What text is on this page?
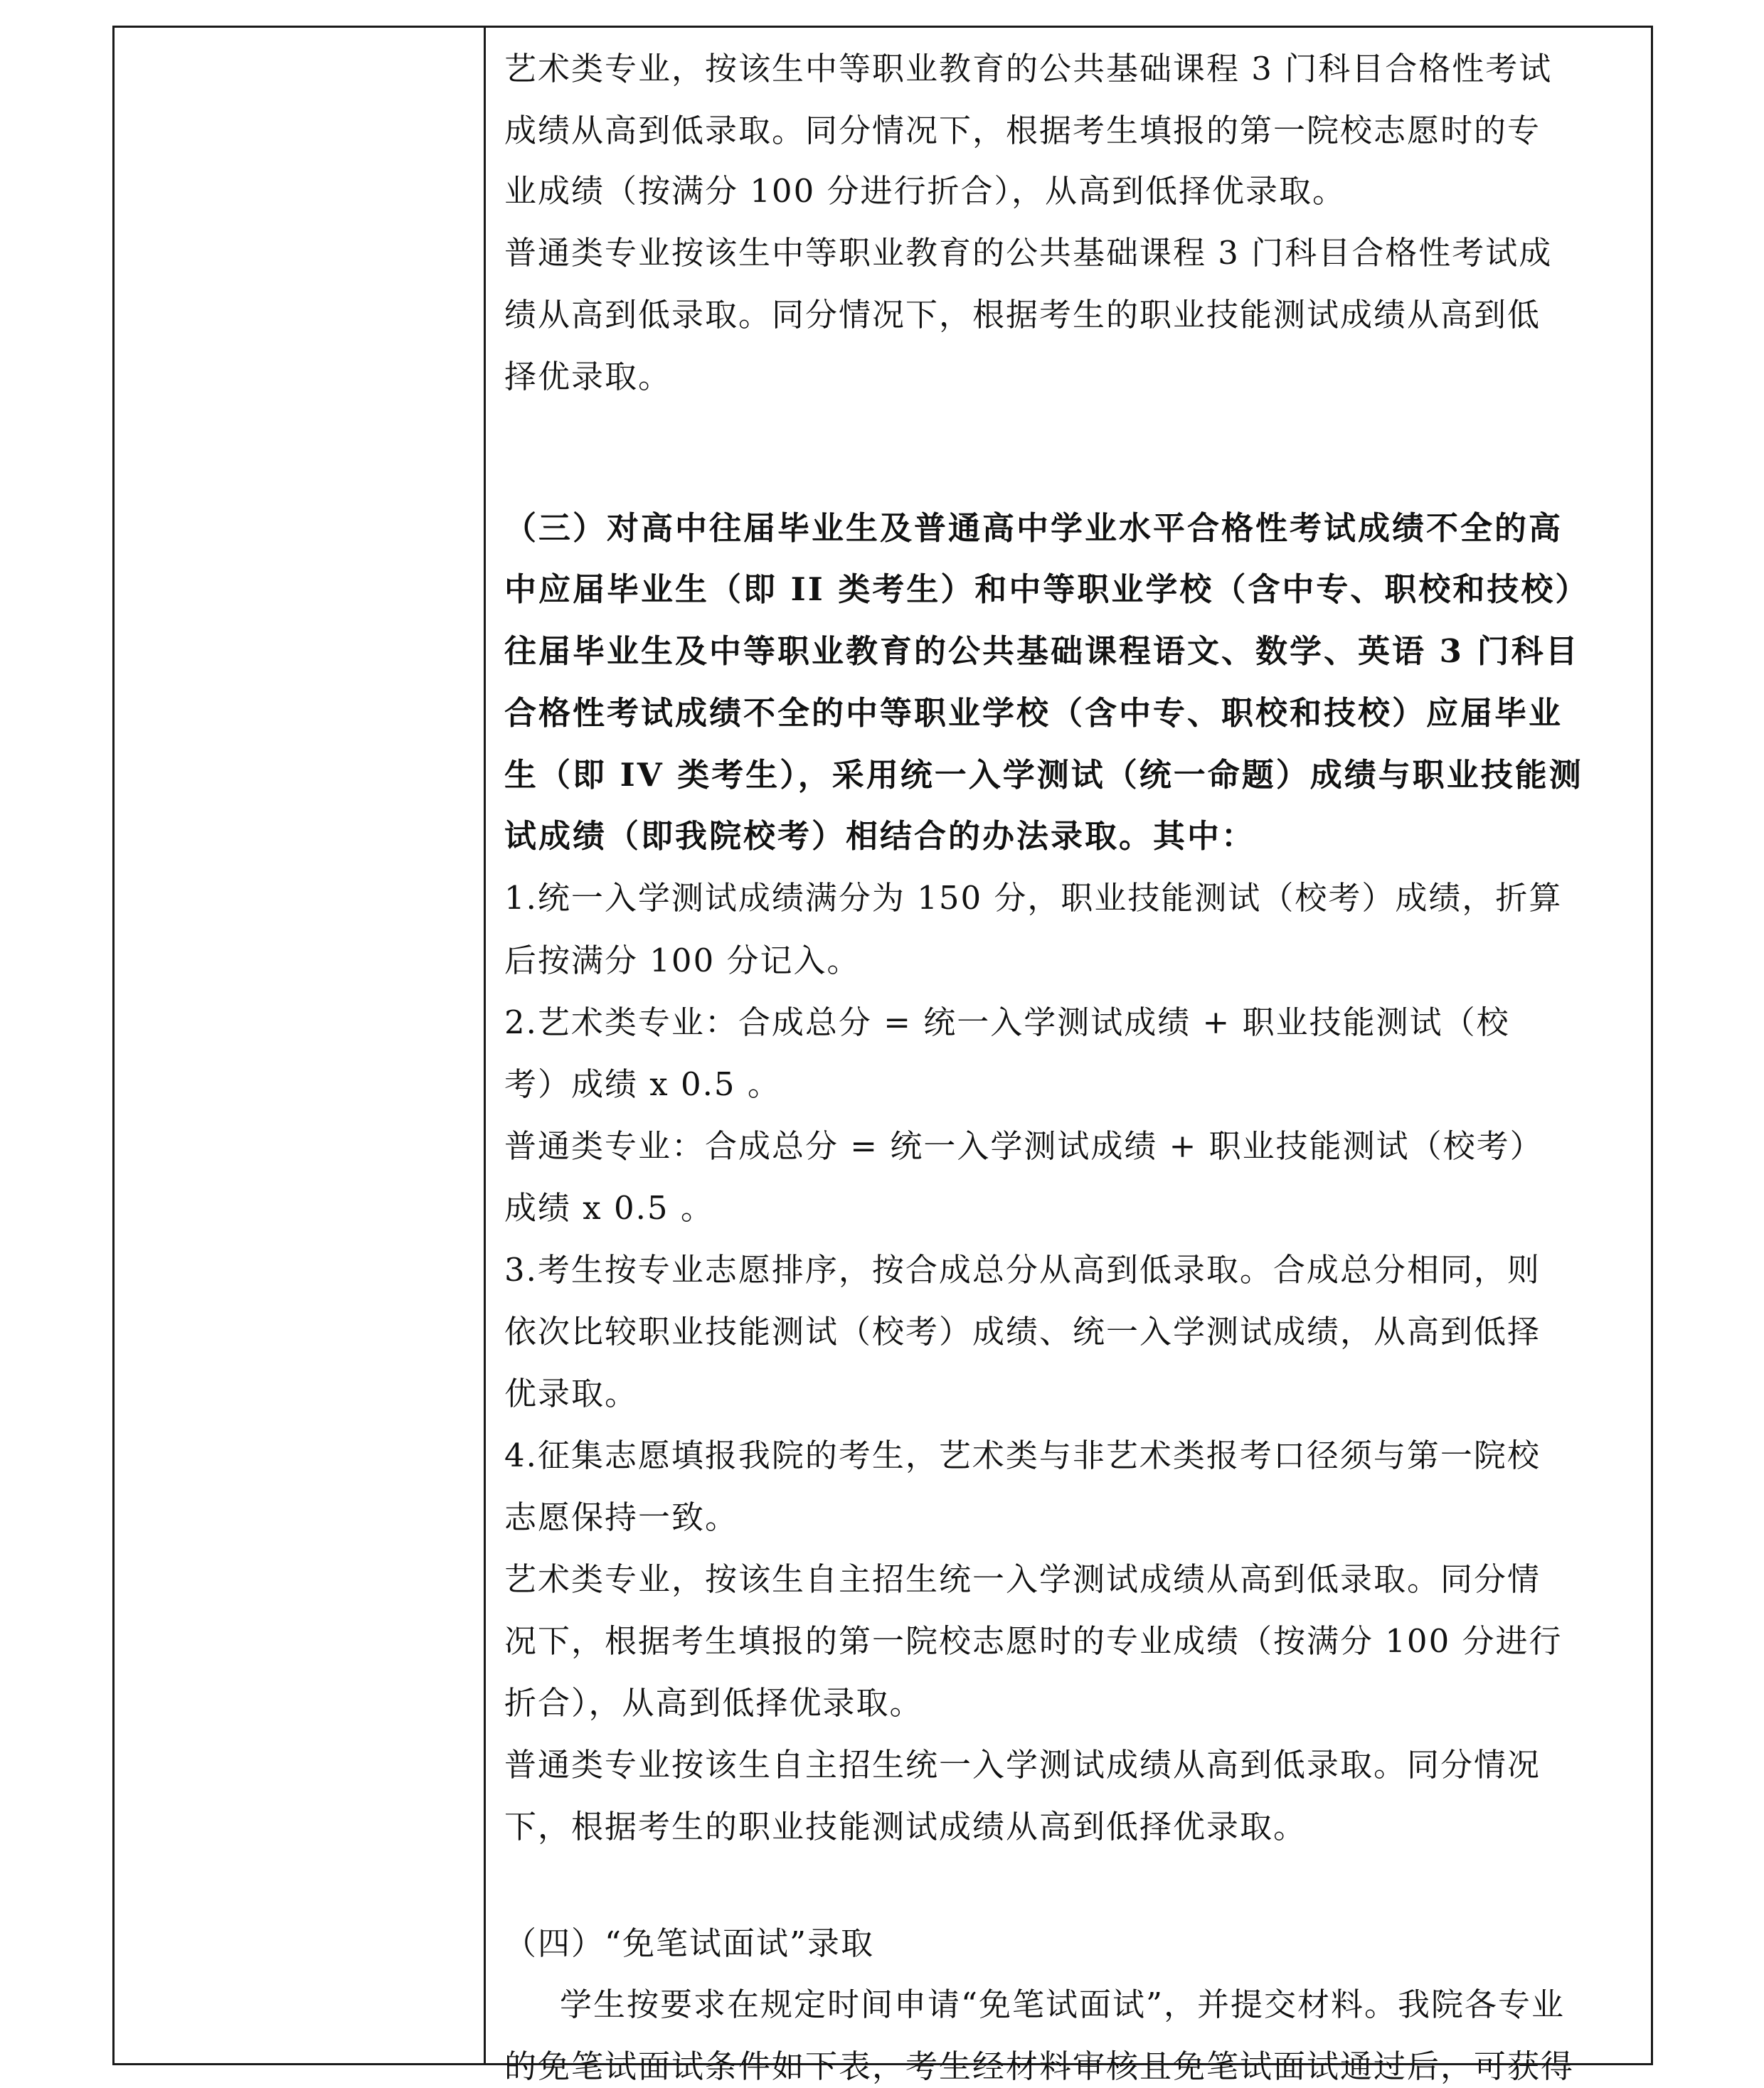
艺术类专业，按该生中等职业教育的公共基础课程 3 门科目合格性考试
成绩从高到低录取。同分情况下，根据考生填报的第一院校志愿时的专
业成绩（按满分 100 分进行折合），从高到低择优录取。
普通类专业按该生中等职业教育的公共基础课程 3 门科目合格性考试成
绩从高到低录取。同分情况下，根据考生的职业技能测试成绩从高到低
择优录取。
（三）对高中往届毕业生及普通高中学业水平合格性考试成绩不全的高
中应届毕业生（即 II 类考生）和中等职业学校（含中专、职校和技校）
往届毕业生及中等职业教育的公共基础课程语文、数学、英语 3 门科目
合格性考试成绩不全的中等职业学校（含中专、职校和技校）应届毕业
生（即 IV 类考生），采用统一入学测试（统一命题）成绩与职业技能测
试成绩（即我院校考）相结合的办法录取。其中：
1.统一入学测试成绩满分为 150 分，职业技能测试（校考）成绩，折算
后按满分 100 分记入。
2.艺术类专业：合成总分 = 统一入学测试成绩 + 职业技能测试（校
考）成绩 x 0.5 。
普通类专业：合成总分 = 统一入学测试成绩 + 职业技能测试（校考）
成绩 x 0.5 。
3.考生按专业志愿排序，按合成总分从高到低录取。合成总分相同，则
依次比较职业技能测试（校考）成绩、统一入学测试成绩，从高到低择
优录取。
4.征集志愿填报我院的考生，艺术类与非艺术类报考口径须与第一院校
志愿保持一致。
艺术类专业，按该生自主招生统一入学测试成绩从高到低录取。同分情
况下，根据考生填报的第一院校志愿时的专业成绩（按满分 100 分进行
折合），从高到低择优录取。
普通类专业按该生自主招生统一入学测试成绩从高到低录取。同分情况
下，根据考生的职业技能测试成绩从高到低择优录取。
（四）“免笔试面试”录取
学生按要求在规定时间申请“免笔试面试”，并提交材料。我院各专业
的免笔试面试条件如下表，考生经材料审核且免笔试面试通过后，可获得
